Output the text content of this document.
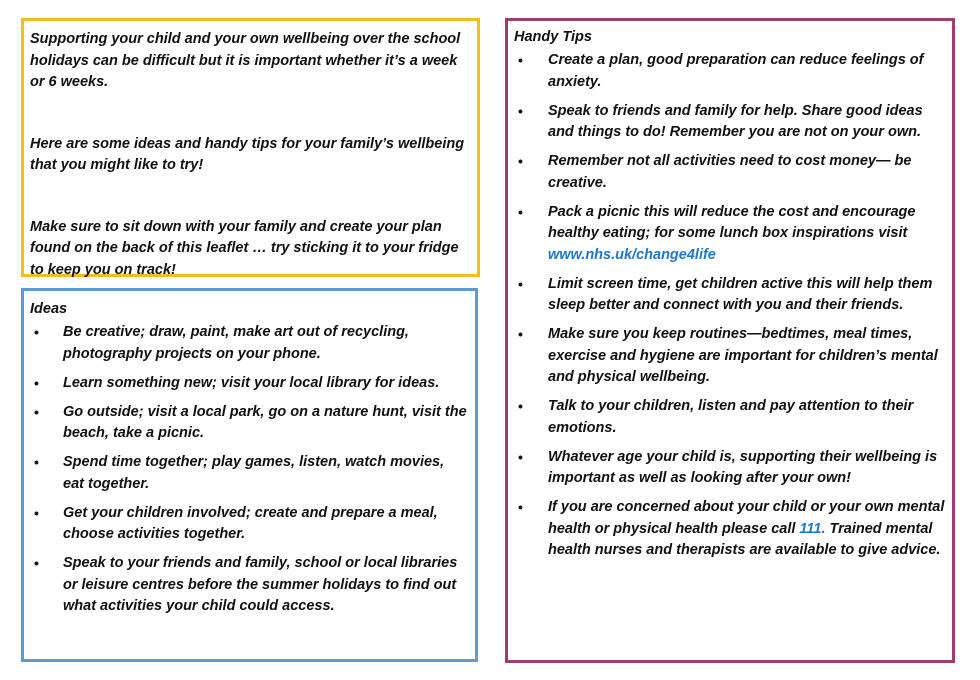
Supporting your child and your own wellbeing over the school holidays can be difficult but it is important whether it’s a week or 6 weeks.

Here are some ideas and handy tips for your family’s wellbeing that you might like to try!

Make sure to sit down with your family and create your plan found on the back of this leaflet … try sticking it to your fridge to keep you on track!

Ideas
• Be creative; draw, paint, make art out of recycling, photography projects on your phone.
• Learn something new; visit your local library for ideas.
• Go outside; visit a local park, go on a nature hunt, visit the beach, take a picnic.
• Spend time together; play games, listen, watch movies, eat together.
• Get your children involved; create and prepare a meal, choose activities together.
• Speak to your friends and family, school or local libraries or leisure centres before the summer holidays to find out what activities your child could access.
Handy Tips
• Create a plan, good preparation can reduce feelings of anxiety.
• Speak to friends and family for help. Share good ideas and things to do! Remember you are not on your own.
• Remember not all activities need to cost money— be creative.
• Pack a picnic this will reduce the cost and encourage healthy eating; for some lunch box inspirations visit www.nhs.uk/change4life
• Limit screen time, get children active this will help them sleep better and connect with you and their friends.
• Make sure you keep routines—bedtimes, meal times, exercise and hygiene are important for children’s mental and physical wellbeing.
• Talk to your children, listen and pay attention to their emotions.
• Whatever age your child is, supporting their wellbeing is important as well as looking after your own!
• If you are concerned about your child or your own mental health or physical health please call 111. Trained mental health nurses and therapists are available to give advice.
